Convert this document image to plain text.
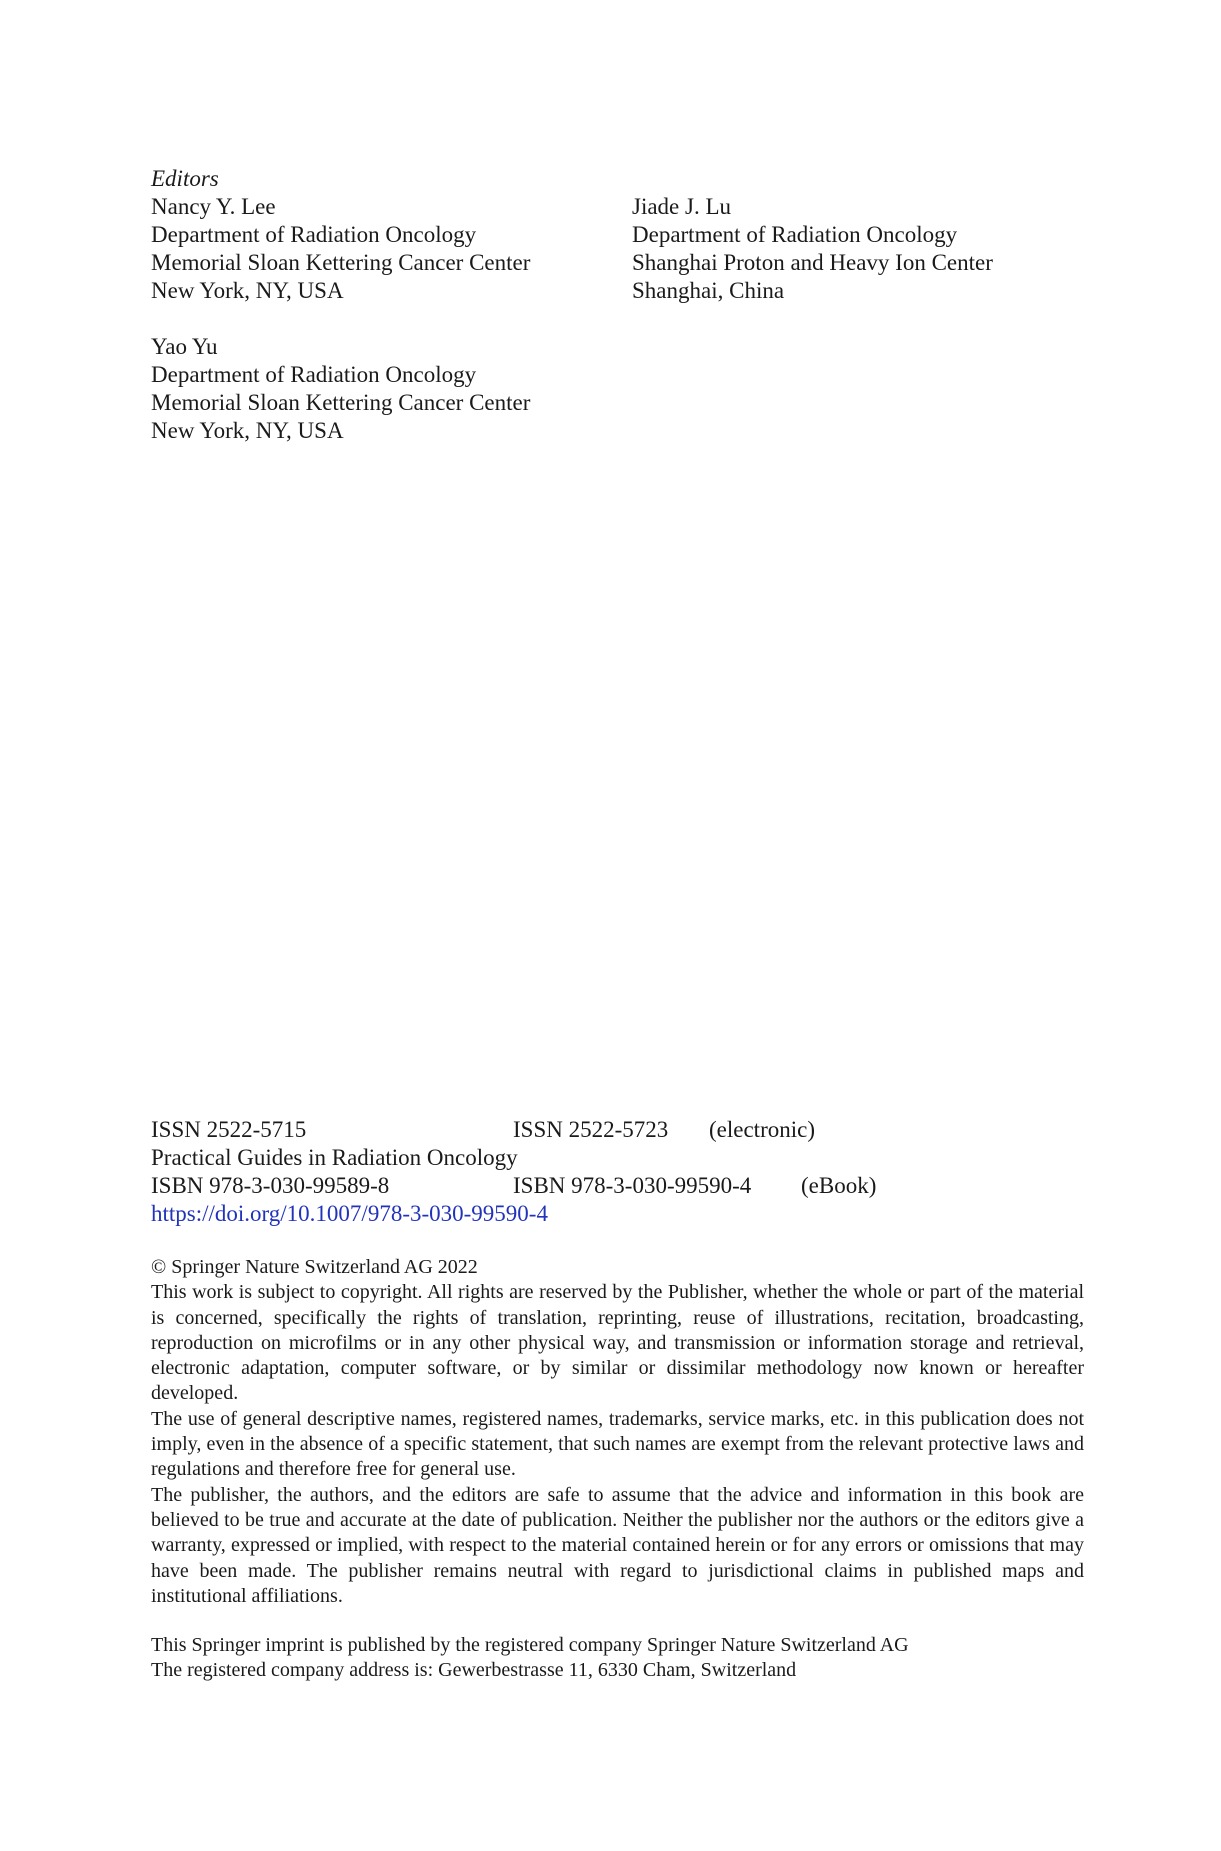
Editors
Nancy Y. Lee
Department of Radiation Oncology
Memorial Sloan Kettering Cancer Center
New York, NY, USA
Jiade J. Lu
Department of Radiation Oncology
Shanghai Proton and Heavy Ion Center
Shanghai, China
Yao Yu
Department of Radiation Oncology
Memorial Sloan Kettering Cancer Center
New York, NY, USA
ISSN 2522-5715	ISSN 2522-5723 (electronic)
Practical Guides in Radiation Oncology
ISBN 978-3-030-99589-8	ISBN 978-3-030-99590-4 (eBook)
https://doi.org/10.1007/978-3-030-99590-4

© Springer Nature Switzerland AG 2022

This work is subject to copyright. All rights are reserved by the Publisher, whether the whole or part of the material is concerned, specifically the rights of translation, reprinting, reuse of illustrations, recitation, broadcasting, reproduction on microfilms or in any other physical way, and transmission or information storage and retrieval, electronic adaptation, computer software, or by similar or dissimilar methodology now known or hereafter developed.

The use of general descriptive names, registered names, trademarks, service marks, etc. in this publication does not imply, even in the absence of a specific statement, that such names are exempt from the relevant protective laws and regulations and therefore free for general use.

The publisher, the authors, and the editors are safe to assume that the advice and information in this book are believed to be true and accurate at the date of publication. Neither the publisher nor the authors or the editors give a warranty, expressed or implied, with respect to the material contained herein or for any errors or omissions that may have been made. The publisher remains neutral with regard to jurisdictional claims in published maps and institutional affiliations.

This Springer imprint is published by the registered company Springer Nature Switzerland AG

The registered company address is: Gewerbestrasse 11, 6330 Cham, Switzerland
